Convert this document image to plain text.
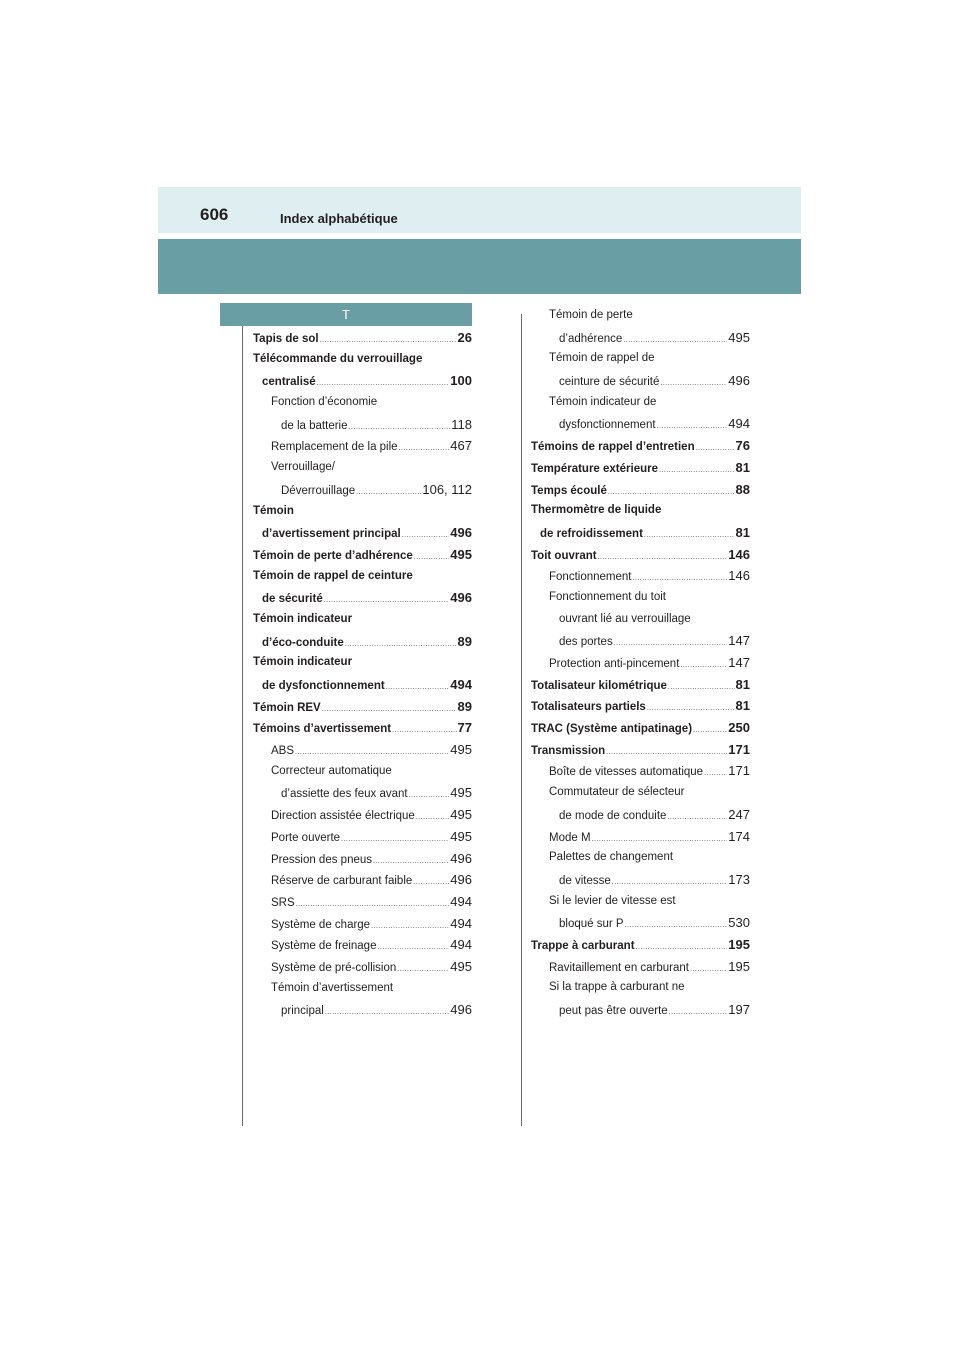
606	Index alphabétique
T
Tapis de sol .....	26
Télécommande du verrouillage
centralisé .....	100
Fonction d’économie
de la batterie .....	118
Remplacement de la pile .....	467
Verrouillage/
Déverrouillage .....	106, 112
Témoin
d’avertissement principal .....	496
Témoin de perte d’adhérence .....	495
Témoin de rappel de ceinture
de sécurité .....	496
Témoin indicateur
d’éco-conduite .....	89
Témoin indicateur
de dysfonctionnement .....	494
Témoin REV .....	89
Témoins d’avertissement .....	77
ABS .....	495
Correcteur automatique
d’assiette des feux avant .....	495
Direction assistée électrique .....	495
Porte ouverte .....	495
Pression des pneus .....	496
Réserve de carburant faible .....	496
SRS .....	494
Système de charge .....	494
Système de freinage .....	494
Système de pré-collision .....	495
Témoin d’avertissement
principal .....	496
Témoin de perte
d’adhérence .....	495
Témoin de rappel de
ceinture de sécurité .....	496
Témoin indicateur de
dysfonctionnement .....	494
Témoins de rappel d’entretien .....	76
Température extérieure .....	81
Temps écoulé .....	88
Thermomètre de liquide
de refroidissement .....	81
Toit ouvrant .....	146
Fonctionnement .....	146
Fonctionnement du toit
ouvrant lié au verrouillage
des portes .....	147
Protection anti-pincement .....	147
Totalisateur kilométrique .....	81
Totalisateurs partiels .....	81
TRAC (Système antipatinage) .....	250
Transmission .....	171
Boîte de vitesses automatique ..... 171
Commutateur de sélecteur
de mode de conduite .....	247
Mode M .....	174
Palettes de changement
de vitesse .....	173
Si le levier de vitesse est
bloqué sur P .....	530
Trappe à carburant .....	195
Ravitaillement en carburant .....	195
Si la trappe à carburant ne
peut pas être ouverte .....	197
